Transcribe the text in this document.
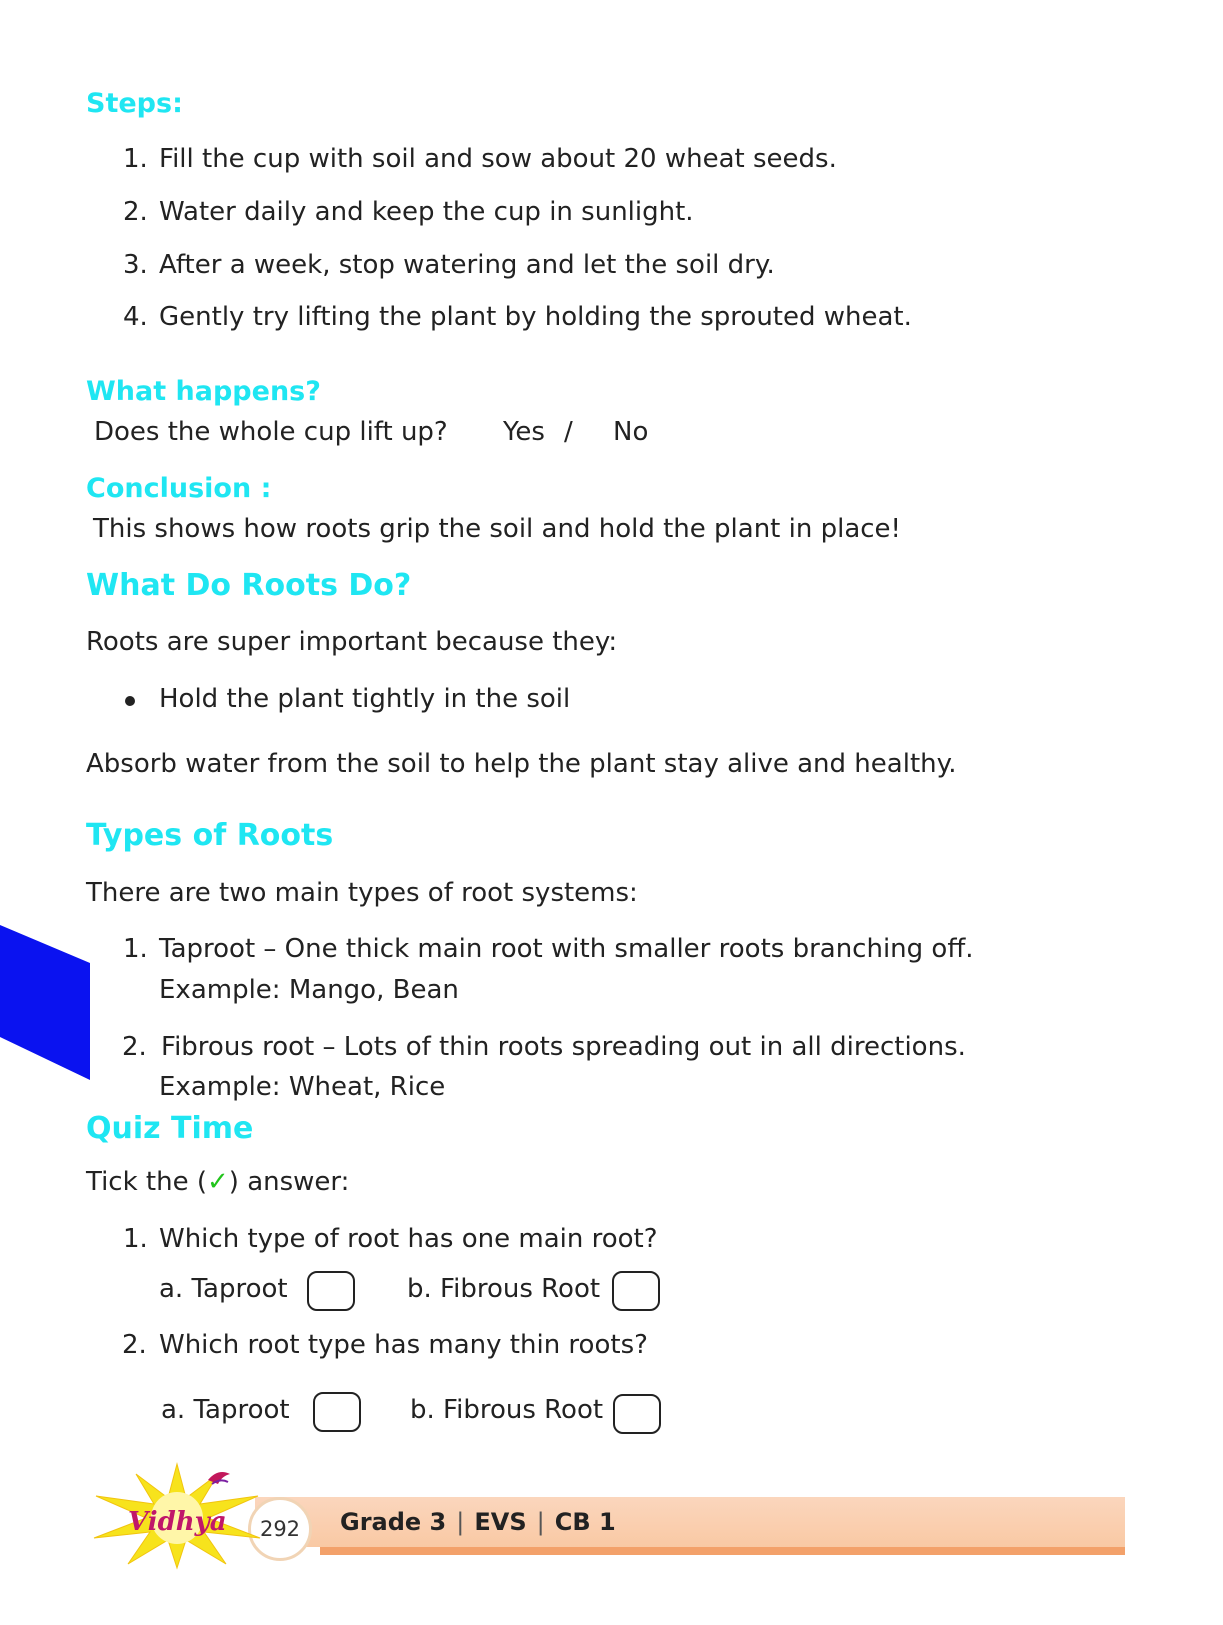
Steps:
1. Fill the cup with soil and sow about 20 wheat seeds.
2. Water daily and keep the cup in sunlight.
3. After a week, stop watering and let the soil dry.
4. Gently try lifting the plant by holding the sprouted wheat.
What happens?
Does the whole cup lift up? Yes / No
Conclusion :
This shows how roots grip the soil and hold the plant in place!
What Do Roots Do?
Roots are super important because they:
Hold the plant tightly in the soil
Absorb water from the soil to help the plant stay alive and healthy.
Types of Roots
There are two main types of root systems:
1. Taproot – One thick main root with smaller roots branching off.
Example: Mango, Bean
2. Fibrous root – Lots of thin roots spreading out in all directions.
Example: Wheat, Rice
Quiz Time
Tick the (✓) answer:
1. Which type of root has one main root?
a. Taproot	b. Fibrous Root
2. Which root type has many thin roots?
a. Taproot	b. Fibrous Root
292	Grade 3 | EVS | CB 1
Vidhya
